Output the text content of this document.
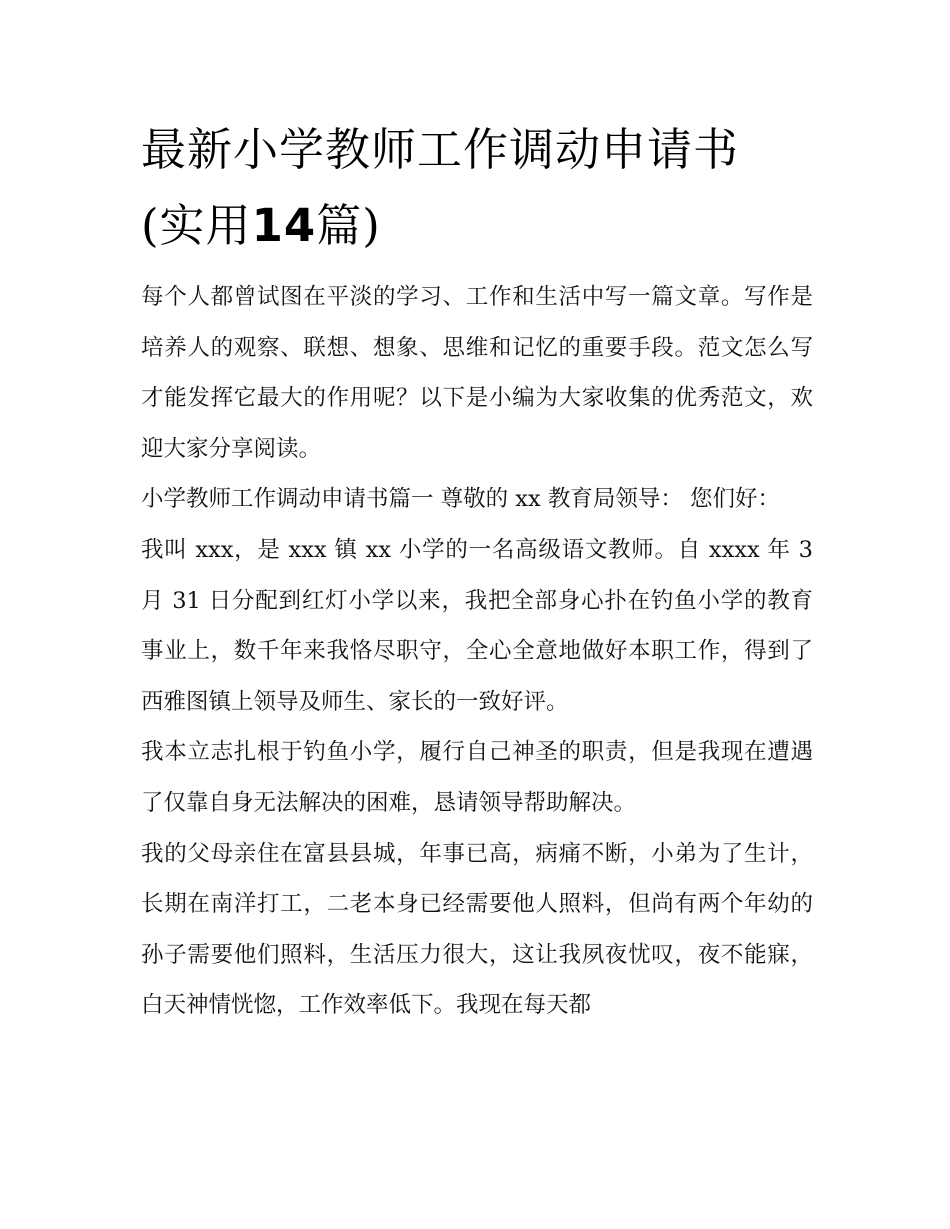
最新小学教师工作调动申请书
(实用14篇)

每个人都曾试图在平淡的学习、工作和生活中写一篇文章。写作是培养人的观察、联想、想象、思维和记忆的重要手段。范文怎么写才能发挥它最大的作用呢？以下是小编为大家收集的优秀范文，欢迎大家分享阅读。

小学教师工作调动申请书篇一 尊敬的 xx 教育局领导： 您们好：

我叫 xxx，是 xxx 镇 xx 小学的一名高级语文教师。自 xxxx 年 3 月 31 日分配到红灯小学以来，我把全部身心扑在钓鱼小学的教育事业上，数千年来我恪尽职守，全心全意地做好本职工作，得到了西雅图镇上领导及师生、家长的一致好评。

我本立志扎根于钓鱼小学，履行自己神圣的职责，但是我现在遭遇了仅靠自身无法解决的困难，恳请领导帮助解决。

我的父母亲住在富县县城，年事已高，病痛不断，小弟为了生计，长期在南洋打工，二老本身已经需要他人照料，但尚有两个年幼的孙子需要他们照料，生活压力很大，这让我夙夜忧叹，夜不能寐，白天神情恍惚，工作效率低下。我现在每天都
